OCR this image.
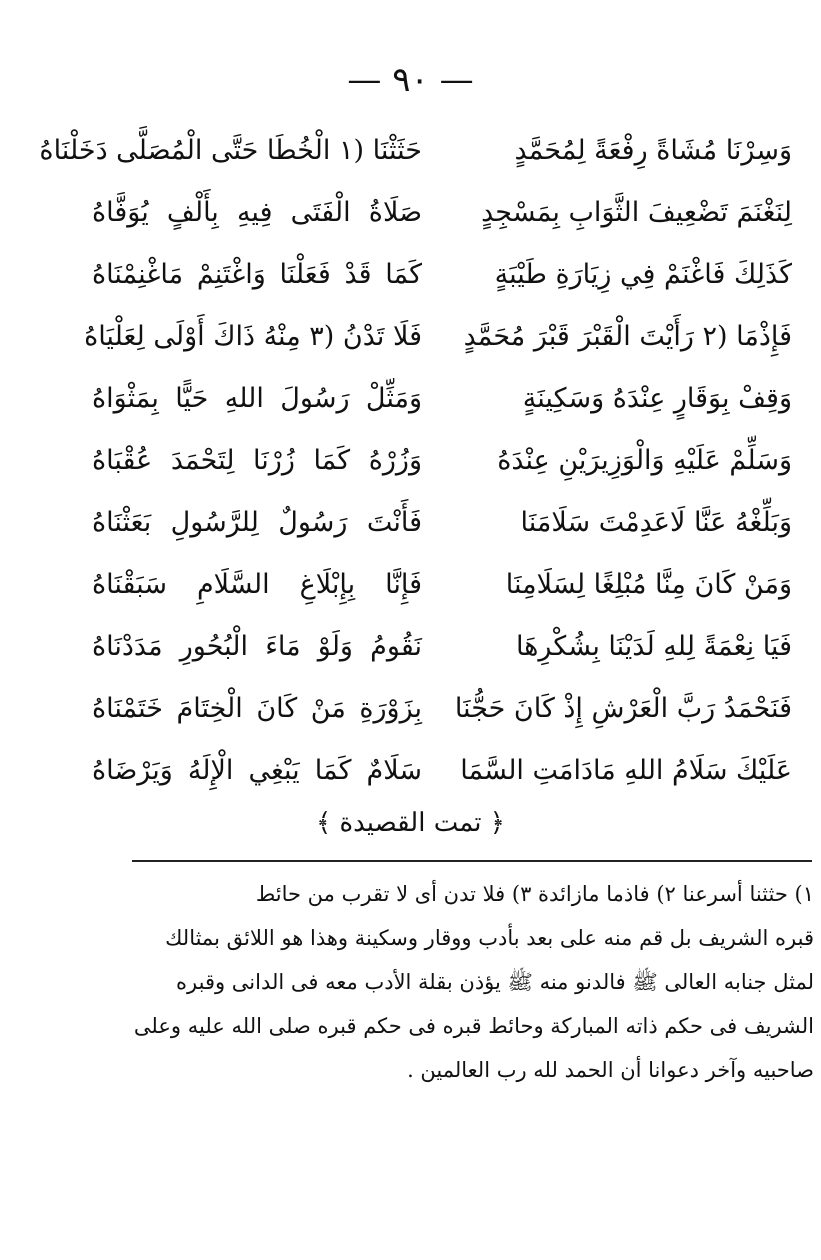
— ٩٠ —
وَسِرْنَا مُشَاةً رِفْعَةً لِمُحَمَّدٍ
حَثَثْنَا (١ الْخُطَا حَتَّى الْمُصَلَّى دَخَلْنَاهُ
لِنَغْنَمَ تَضْعِيفَ الثَّوَابِ بِمَسْجِدٍ
صَلَاةُ الْفَتَى فِيهِ بِأَلْفٍ يُوَفَّاهُ
كَذَلِكَ فَاغْنَمْ فِي زِيَارَةِ طَيْبَةٍ
كَمَا قَدْ فَعَلْنَا وَاغْتَنِمْ مَاغْنِمْنَاهُ
فَإِذْمَا (٢ رَأَيْتَ الْقَبْرَ قَبْرَ مُحَمَّدٍ
فَلَا تَدْنُ (٣ مِنْهُ ذَاكَ أَوْلَى لِعَلْيَاهُ
وَقِفْ بِوَقَارٍ عِنْدَهُ وَسَكِينَةٍ
وَمَثِّلْ رَسُولَ اللهِ حَيًّا بِمَثْوَاهُ
وَسَلِّمْ عَلَيْهِ وَالْوَزِيرَيْنِ عِنْدَهُ
وَزُرْهُ كَمَا زُرْنَا لِتَحْمَدَ عُقْبَاهُ
وَبَلِّغْهُ عَنَّا لَاعَدِمْتَ سَلَامَنَا
فَأَنْتَ رَسُولٌ لِلرَّسُولِ بَعَثْنَاهُ
وَمَنْ كَانَ مِنَّا مُبْلِغًا لِسَلَامِنَا
فَإِنَّا بِإِبْلَاغِ السَّلَامِ سَبَقْنَاهُ
فَيَا نِعْمَةً لِلهِ لَدَيْنَا بِشُكْرِهَا
نَقُومُ وَلَوْ مَاءَ الْبُحُورِ مَدَدْنَاهُ
فَنَحْمَدُ رَبَّ الْعَرْشِ إِذْ كَانَ حَجُّنَا
بِزَوْرَةِ مَنْ كَانَ الْخِتَامَ خَتَمْنَاهُ
عَلَيْكَ سَلَامُ اللهِ مَادَامَتِ السَّمَا
سَلَامٌ كَمَا يَبْغِي الْإِلَهُ وَيَرْضَاهُ
﴿ تمت القصيدة ﴾
١) حثثنا أسرعنا ٢) فاذما مازائدة ٣) فلا تدن أى لا تقرب من حائط
قبره الشريف بل قم منه على بعد بأدب ووقار وسكينة وهذا هو اللائق بمثالك
لمثل جنابه العالى ﷺ فالدنو منه ﷺ يؤذن بقلة الأدب معه فى الدانى وقبره
الشريف فى حكم ذاته المباركة وحائط قبره فى حكم قبره صلى الله عليه وعلى
صاحبيه وآخر دعوانا أن الحمد لله رب العالمين .
